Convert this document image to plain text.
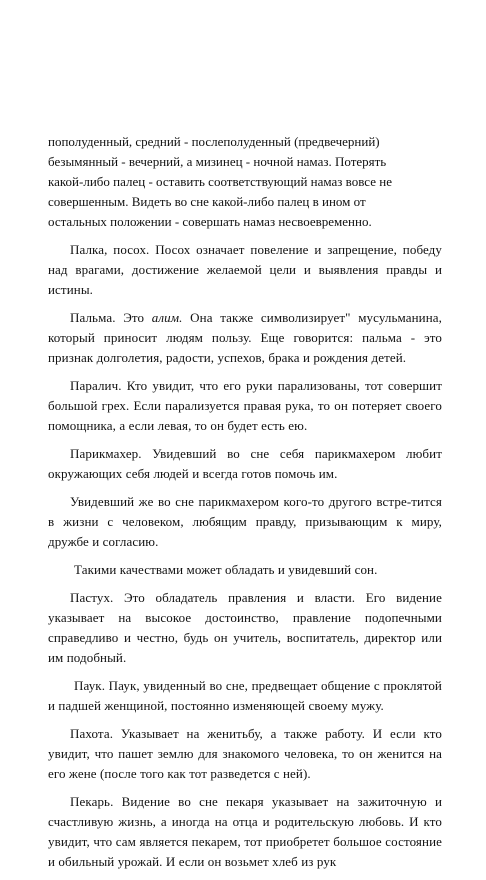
пополуденный, средний - послеполуденный (предвечерний)
безымянный - вечерний, а мизинец - ночной намаз. Потерять
какой-либо палец - оставить соответствующий намаз вовсе не
совершенным. Видеть во сне какой-либо палец в ином от
остальных положении - совершать намаз несвоевременно.

Палка, посох. Посох означает повеление и запрещение, победу над врагами, достижение желаемой цели и выявления правды и истины.

Пальма. Это алим. Она также символизирует" мусульманина, который приносит людям пользу. Еще говорится: пальма - это признак долголетия, радости, успехов, брака и рождения детей.

Паралич. Кто увидит, что его руки парализованы, тот совершит большой грех. Если парализуется правая рука, то он потеряет своего помощника, а если левая, то он будет есть ею.

Парикмахер. Увидевший во сне себя парикмахером любит окружающих себя людей и всегда готов помочь им.

Увидевший же во сне парикмахером кого-то другого встре-тится в жизни с человеком, любящим правду, призывающим к миру, дружбе и согласию.

Такими качествами может обладать и увидевший сон.

Пастух. Это обладатель правления и власти. Его видение указывает на высокое достоинство, правление подопечными справедливо и честно, будь он учитель, воспитатель, директор или им подобный.

Паук. Паук, увиденный во сне, предвещает общение с проклятой и падшей женщиной, постоянно изменяющей своему мужу.

Пахота. Указывает на женитьбу, а также работу. И если кто увидит, что пашет землю для знакомого человека, то он женится на его жене (после того как тот разведется с ней).

Пекарь. Видение во сне пекаря указывает на зажиточную и счастливую жизнь, а иногда на отца и родительскую любовь. И кто увидит, что сам является пекарем, тот приобретет большое состояние и обильный урожай. И если он возьмет хлеб из рук
